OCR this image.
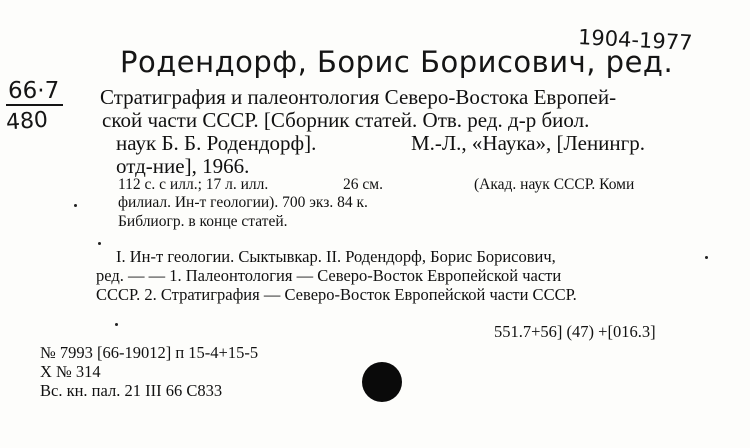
1904-1977
Родендорф, Борис Борисович, ред.
66·7
480
Стратиграфия и палеонтология Северо-Востока Европей-
ской части СССР. [Сборник статей. Отв. ред. д-р биол.
наук Б. Б. Родендорф].	М.-Л., «Наука», [Ленингр.
отд-ние], 1966.
112 с. с илл.; 17 л. илл.	26 см.	(Акад. наук СССР. Коми
филиал. Ин-т геологии). 700 экз. 84 к.
Библиогр. в конце статей.
I. Ин-т геологии. Сыктывкар. II. Родендорф, Борис Борисович,
ред. — — 1. Палеонтология — Северо-Восток Европейской части
СССР. 2. Стратиграфия — Северо-Восток Европейской части СССР.
551.7+56] (47) +[016.3]
№ 7993 [66-19012] п 15-4+15-5
Х № 314
Вс. кн. пал. 21 III 66 С833
